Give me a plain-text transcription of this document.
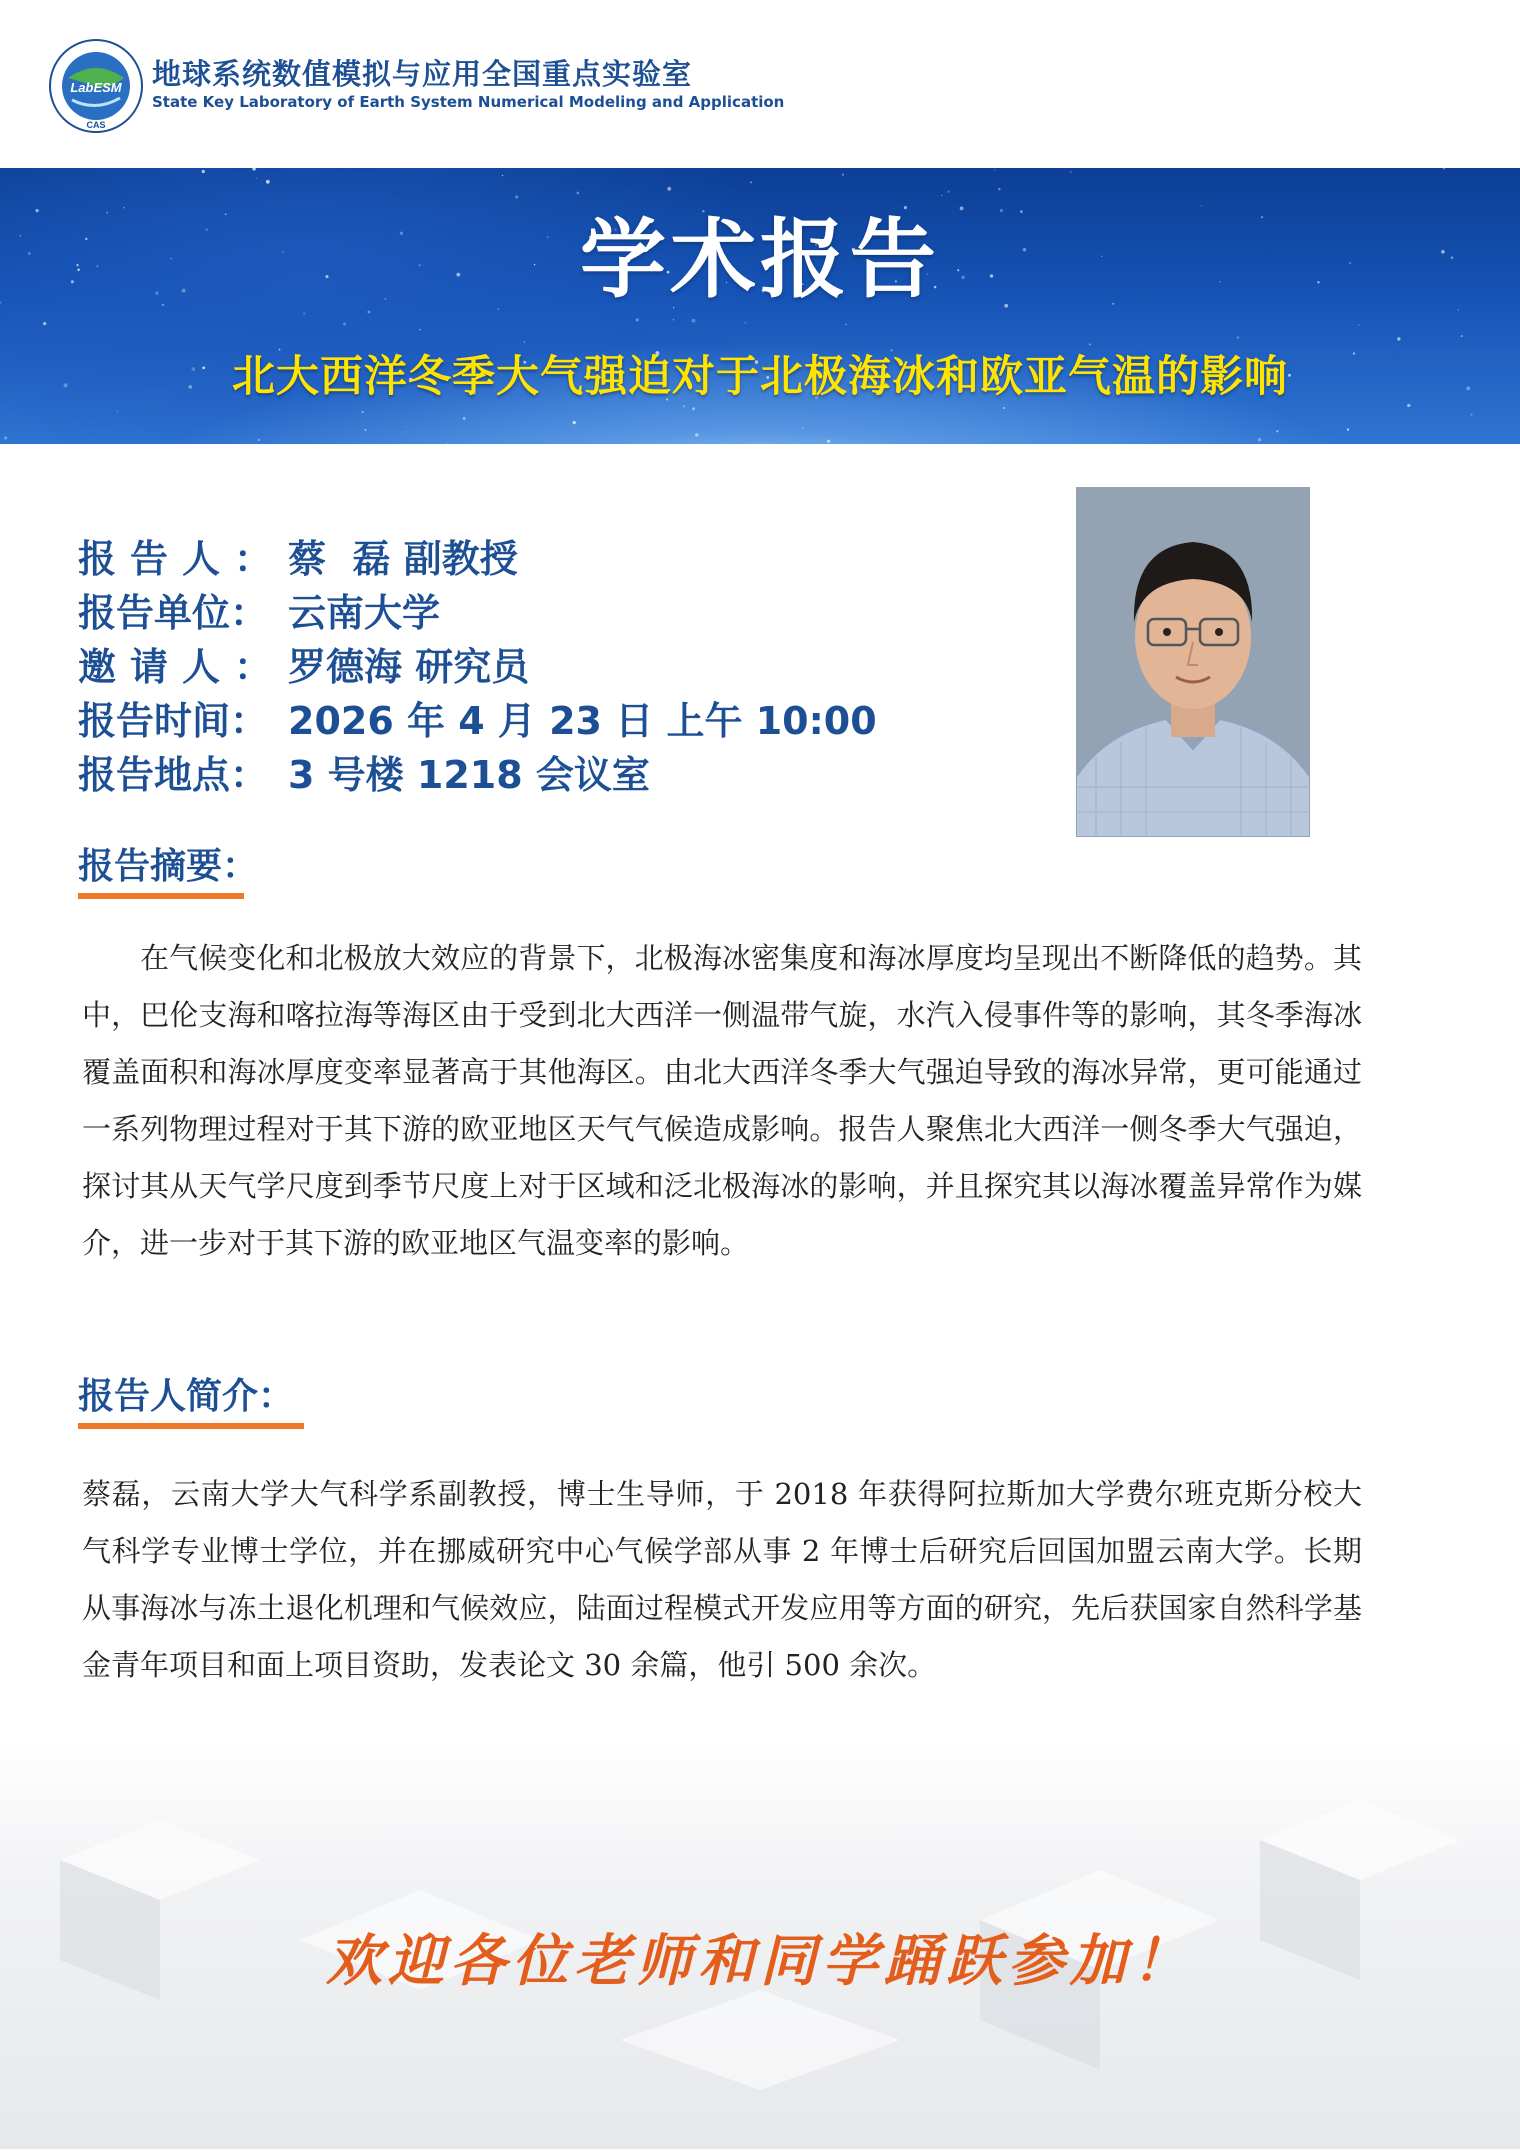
LabESM
CAS
地球系统数值模拟与应用全国重点实验室
State Key Laboratory of Earth System Numerical Modeling and Application
学术报告
北大西洋冬季大气强迫对于北极海冰和欧亚气温的影响
报告人： 蔡  磊 副教授
报告单位： 云南大学
邀请人： 罗德海 研究员
报告时间： 2026 年 4 月 23 日 上午 10:00
报告地点： 3 号楼 1218 会议室
报告摘要：

在气候变化和北极放大效应的背景下，北极海冰密集度和海冰厚度均呈现出不断降低的趋势。其中，巴伦支海和喀拉海等海区由于受到北大西洋一侧温带气旋，水汽入侵事件等的影响，其冬季海冰覆盖面积和海冰厚度变率显著高于其他海区。由北大西洋冬季大气强迫导致的海冰异常，更可能通过一系列物理过程对于其下游的欧亚地区天气气候造成影响。报告人聚焦北大西洋一侧冬季大气强迫，探讨其从天气学尺度到季节尺度上对于区域和泛北极海冰的影响，并且探究其以海冰覆盖异常作为媒介，进一步对于其下游的欧亚地区气温变率的影响。

报告人简介：

蔡磊，云南大学大气科学系副教授，博士生导师，于 2018 年获得阿拉斯加大学费尔班克斯分校大气科学专业博士学位，并在挪威研究中心气候学部从事 2 年博士后研究后回国加盟云南大学。长期从事海冰与冻土退化机理和气候效应，陆面过程模式开发应用等方面的研究，先后获国家自然科学基金青年项目和面上项目资助，发表论文 30 余篇，他引 500 余次。

欢迎各位老师和同学踊跃参加！
